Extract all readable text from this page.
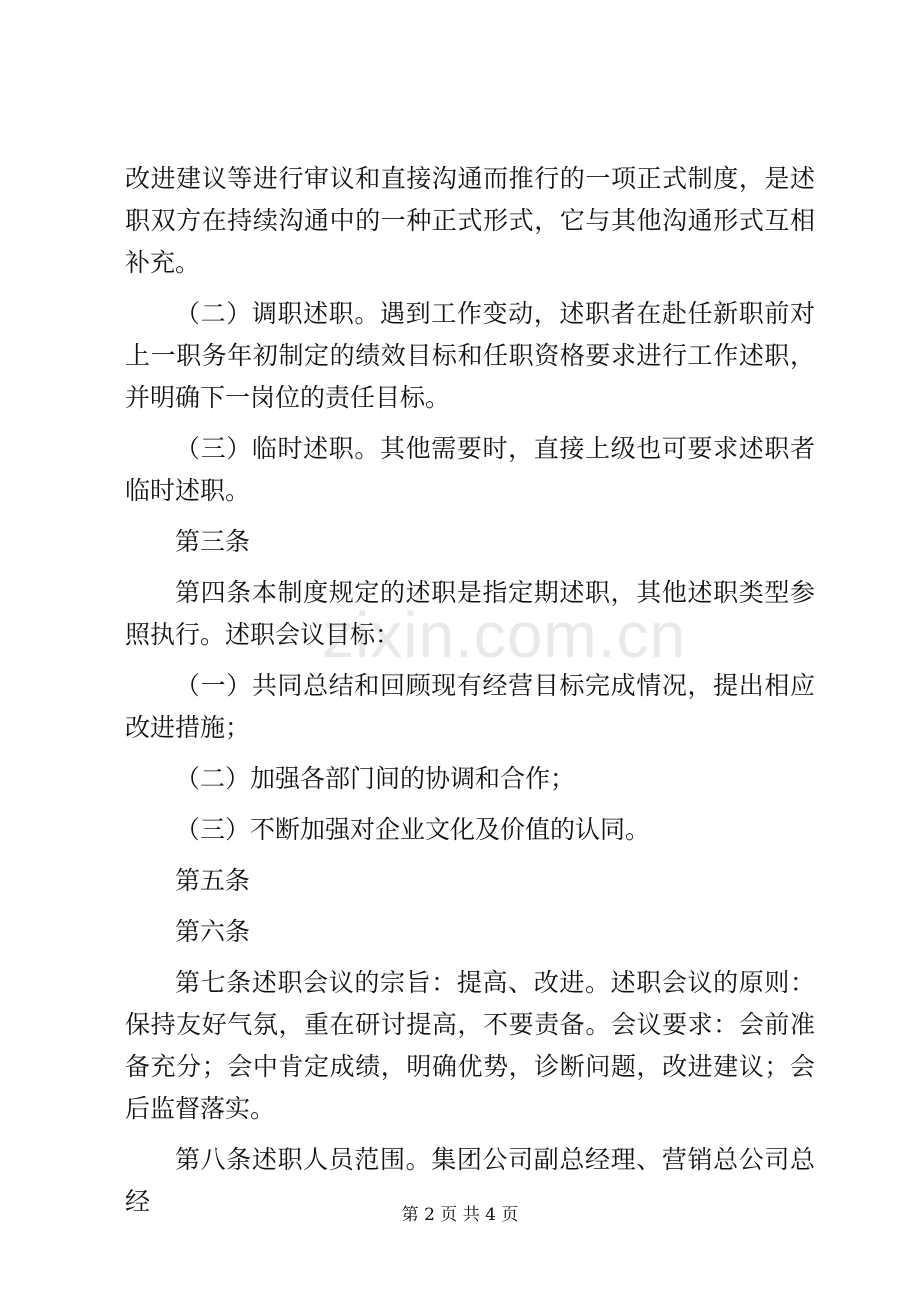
zixin.com.cn

改进建议等进行审议和直接沟通而推行的一项正式制度，是述职双方在持续沟通中的一种正式形式，它与其他沟通形式互相补充。

（二）调职述职。遇到工作变动，述职者在赴任新职前对上一职务年初制定的绩效目标和任职资格要求进行工作述职，并明确下一岗位的责任目标。

（三）临时述职。其他需要时，直接上级也可要求述职者临时述职。

第三条

第四条本制度规定的述职是指定期述职，其他述职类型参照执行。述职会议目标：

（一）共同总结和回顾现有经营目标完成情况，提出相应改进措施；

（二）加强各部门间的协调和合作；

（三）不断加强对企业文化及价值的认同。

第五条

第六条

第七条述职会议的宗旨：提高、改进。述职会议的原则：保持友好气氛，重在研讨提高，不要责备。会议要求：会前准备充分；会中肯定成绩，明确优势，诊断问题，改进建议；会后监督落实。

第八条述职人员范围。集团公司副总经理、营销总公司总经	第 2 页 共 4 页
